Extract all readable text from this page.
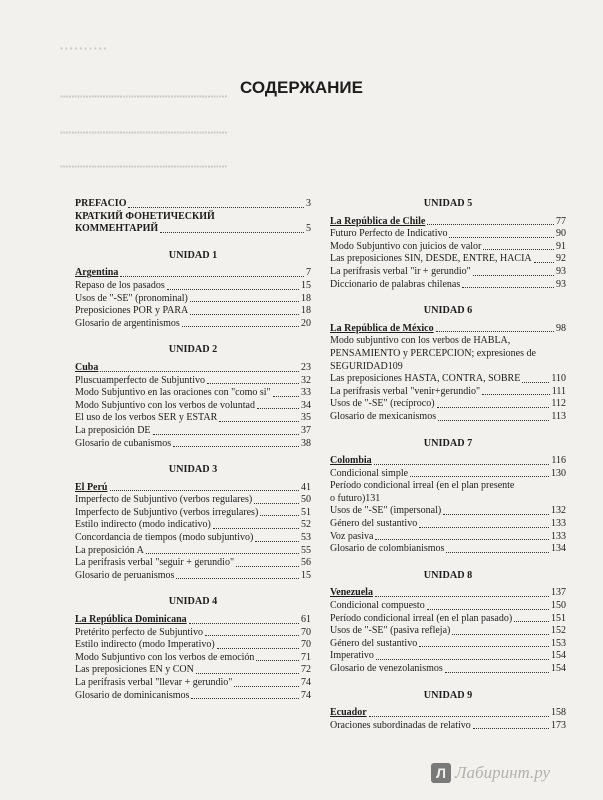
▪ ▪ ▪ ▪ ▪ ▪ ▪ ▪ ▪ ▪
▪▪▪▪▪▪▪▪▪▪▪▪▪▪▪▪▪▪▪▪▪▪▪▪▪▪▪▪▪▪▪▪▪▪▪▪▪▪▪▪▪▪▪▪▪▪▪▪▪▪▪▪▪▪▪▪▪▪▪
▪▪▪▪▪▪▪▪▪▪▪▪▪▪▪▪▪▪▪▪▪▪▪▪▪▪▪▪▪▪▪▪▪▪▪▪▪▪▪▪▪▪▪▪▪▪▪▪▪▪▪▪▪▪▪▪▪▪▪
▪▪▪▪▪▪▪▪▪▪▪▪▪▪▪▪▪▪▪▪▪▪▪▪▪▪▪▪▪▪▪▪▪▪▪▪▪▪▪▪▪▪▪▪▪▪▪▪▪▪▪▪▪▪▪▪▪▪▪
СОДЕРЖАНИЕ
PREFACIO	3
КРАТКИЙ ФОНЕТИЧЕСКИЙ
КОММЕНТАРИЙ	5
UNIDAD 1
Argentina	7
Repaso de los pasados	15
Usos de "-SE" (pronominal)	18
Preposiciones POR y PARA	18
Glosario de argentinismos	20
UNIDAD 2
Cuba	23
Pluscuamperfecto de Subjuntivo	32
Modo Subjuntivo en las oraciones con "como si"	33
Modo Subjuntivo con los verbos de voluntad	34
El uso de los verbos SER y ESTAR	35
La preposición DE	37
Glosario de cubanismos	38
UNIDAD 3
El Perú	41
Imperfecto de Subjuntivo (verbos regulares)	50
Imperfecto de Subjuntivo (verbos irregulares)	51
Estilo indirecto (modo indicativo)	52
Concordancia de tiempos (modo subjuntivo)	53
La preposición A	55
La perífrasis verbal "seguir + gerundio"	56
Glosario de peruanismos	15
UNIDAD 4
La República Dominicana	61
Pretérito perfecto de Subjuntivo	70
Estilo indirecto (modo Imperativo)	70
Modo Subjuntivo con los verbos de emoción	71
Las preposiciones EN y CON	72
La perífrasis verbal "llevar + gerundio"	74
Glosario de dominicanismos	74
UNIDAD 5
La República de Chile	77
Futuro Perfecto de Indicativo	90
Modo Subjuntivo con juicios de valor	91
Las preposiciones SIN, DESDE, ENTRE, HACIA 92
La perífrasis verbal "ir + gerundio"	93
Diccionario de palabras chilenas	93
UNIDAD 6
La República de México	98
Modo subjuntivo con los verbos de HABLA,
PENSAMIENTO y PERCEPCION; expresiones de
SEGURIDAD 109
Las preposiciones HASTA, CONTRA, SOBRE	110
La perífrasis verbal "venir+gerundio"	111
Usos de "-SE" (recíproco)	112
Glosario de mexicanismos	113
UNIDAD 7
Colombia	116
Condicional simple	130
Período condicional irreal (en el plan presente
o futuro) 131
Usos de "-SE" (impersonal)	132
Género del sustantivo	133
Voz pasiva	133
Glosario de colombianismos	134
UNIDAD 8
Venezuela	137
Condicional compuesto	150
Período condicional irreal (en el plan pasado)	151
Usos de "-SE" (pasiva refleja)	152
Género del sustantivo	153
Imperativo	154
Glosario de venezolanismos	154
UNIDAD 9
Ecuador	158
Oraciones subordinadas de relativo	173
Л Лабиринт.ру
